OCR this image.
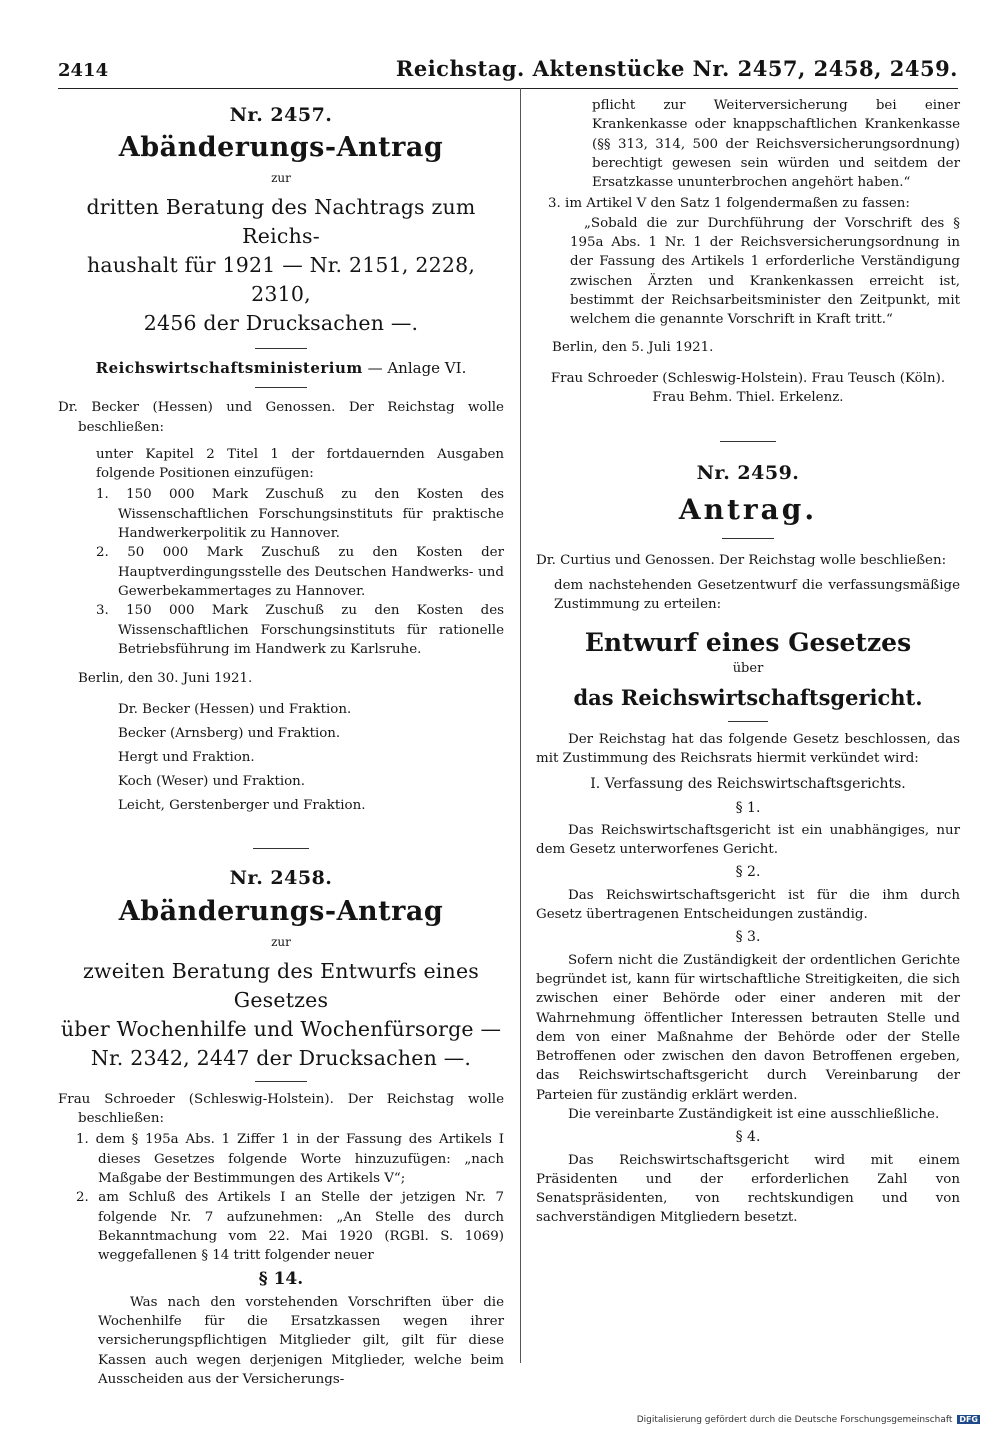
2414	Reichstag. Aktenstücke Nr. 2457, 2458, 2459.
Nr. 2457.
Abänderungs-Antrag
zur
dritten Beratung des Nachtrags zum Reichs-
haushalt für 1921 — Nr. 2151, 2228, 2310,
2456 der Drucksachen —.
Reichswirtschaftsministerium — Anlage VI.

Dr. Becker (Hessen) und Genossen. Der Reichstag wolle beschließen:

unter Kapitel 2 Titel 1 der fortdauernden Ausgaben folgende Positionen einzufügen:

1. 150 000 Mark Zuschuß zu den Kosten des Wissenschaftlichen Forschungsinstituts für praktische Handwerkerpolitik zu Hannover.

2. 50 000 Mark Zuschuß zu den Kosten der Hauptverdingungsstelle des Deutschen Handwerks- und Gewerbekammertages zu Hannover.

3. 150 000 Mark Zuschuß zu den Kosten des Wissenschaftlichen Forschungsinstituts für rationelle Betriebsführung im Handwerk zu Karlsruhe.

Berlin, den 30. Juni 1921.

Dr. Becker (Hessen) und Fraktion.
Becker (Arnsberg) und Fraktion.
Hergt und Fraktion.
Koch (Weser) und Fraktion.
Leicht, Gerstenberger und Fraktion.
Nr. 2458.
Abänderungs-Antrag
zur
zweiten Beratung des Entwurfs eines Gesetzes
über Wochenhilfe und Wochenfürsorge —
Nr. 2342, 2447 der Drucksachen —.

Frau Schroeder (Schleswig-Holstein). Der Reichstag wolle beschließen:

1. dem § 195a Abs. 1 Ziffer 1 in der Fassung des Artikels I dieses Gesetzes folgende Worte hinzuzufügen: „nach Maßgabe der Bestimmungen des Artikels V“;

2. am Schluß des Artikels I an Stelle der jetzigen Nr. 7 folgende Nr. 7 aufzunehmen: „An Stelle des durch Bekanntmachung vom 22. Mai 1920 (RGBl. S. 1069) weggefallenen § 14 tritt folgender neuer

§ 14.

Was nach den vorstehenden Vorschriften über die Wochenhilfe für die Ersatzkassen wegen ihrer versicherungspflichtigen Mitglieder gilt, gilt für diese Kassen auch wegen derjenigen Mitglieder, welche beim Ausscheiden aus der Versicherungs-

pflicht zur Weiterversicherung bei einer Krankenkasse oder knappschaftlichen Krankenkasse (§§ 313, 314, 500 der Reichsversicherungsordnung) berechtigt gewesen sein würden und seitdem der Ersatzkasse ununterbrochen angehört haben.“

3. im Artikel V den Satz 1 folgendermaßen zu fassen:

„Sobald die zur Durchführung der Vorschrift des § 195a Abs. 1 Nr. 1 der Reichsversicherungsordnung in der Fassung des Artikels 1 erforderliche Verständigung zwischen Ärzten und Krankenkassen erreicht ist, bestimmt der Reichsarbeitsminister den Zeitpunkt, mit welchem die genannte Vorschrift in Kraft tritt.“

Berlin, den 5. Juli 1921.

Frau Schroeder (Schleswig-Holstein). Frau Teusch (Köln).
Frau Behm. Thiel. Erkelenz.
Nr. 2459.
Antrag.

Dr. Curtius und Genossen. Der Reichstag wolle beschließen:

dem nachstehenden Gesetzentwurf die verfassungsmäßige Zustimmung zu erteilen:

Entwurf eines Gesetzes
über
das Reichswirtschaftsgericht.

Der Reichstag hat das folgende Gesetz beschlossen, das mit Zustimmung des Reichsrats hiermit verkündet wird:

I. Verfassung des Reichswirtschaftsgerichts.
§ 1.

Das Reichswirtschaftsgericht ist ein unabhängiges, nur dem Gesetz unterworfenes Gericht.

§ 2.

Das Reichswirtschaftsgericht ist für die ihm durch Gesetz übertragenen Entscheidungen zuständig.

§ 3.

Sofern nicht die Zuständigkeit der ordentlichen Gerichte begründet ist, kann für wirtschaftliche Streitigkeiten, die sich zwischen einer Behörde oder einer anderen mit der Wahrnehmung öffentlicher Interessen betrauten Stelle und dem von einer Maßnahme der Behörde oder der Stelle Betroffenen oder zwischen den davon Betroffenen ergeben, das Reichswirtschaftsgericht durch Vereinbarung der Parteien für zuständig erklärt werden.

Die vereinbarte Zuständigkeit ist eine ausschließliche.

§ 4.

Das Reichswirtschaftsgericht wird mit einem Präsidenten und der erforderlichen Zahl von Senatspräsidenten, von rechtskundigen und von sachverständigen Mitgliedern besetzt.

Digitalisierung gefördert durch die Deutsche Forschungsgemeinschaft DFG
